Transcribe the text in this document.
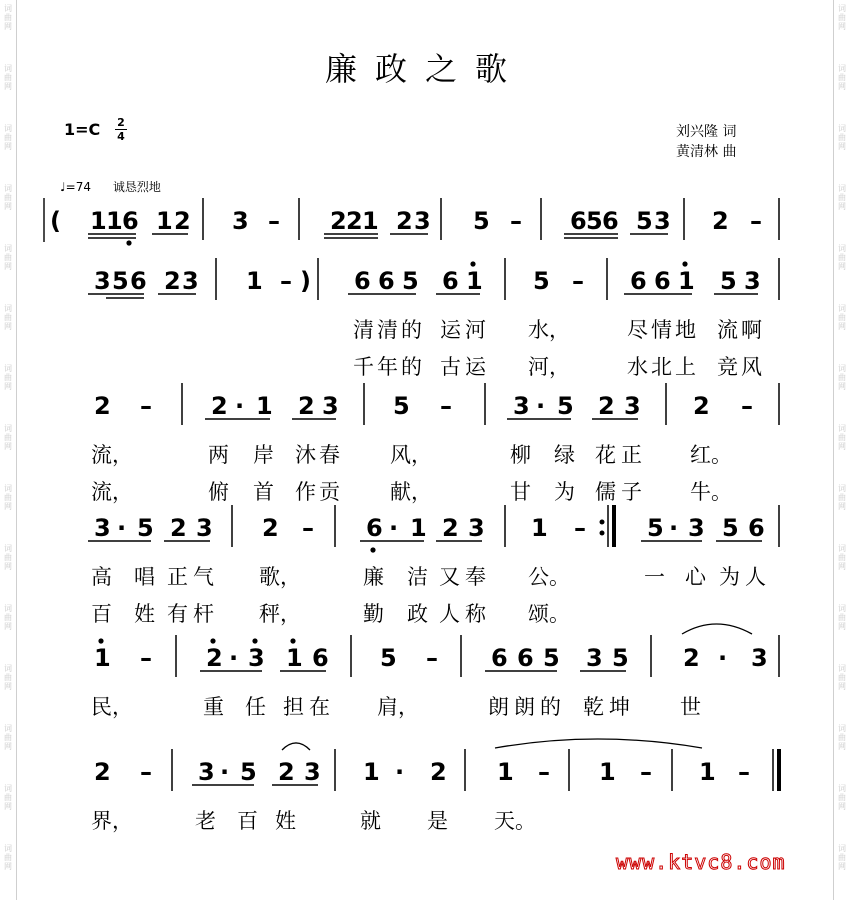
词
曲
网
词
曲
网
词
曲
网
词
曲
网
词
曲
网
词
曲
网
词
曲
网
词
曲
网
词
曲
网
词
曲
网
词
曲
网
词
曲
网
词
曲
网
词
曲
网
词
曲
网
词
曲
网
词
曲
网
词
曲
网
词
曲
网
词
曲
网
词
曲
网
词
曲
网
词
曲
网
词
曲
网
词
曲
网
词
曲
网
词
曲
网
词
曲
网
词
曲
网
词
曲
网
廉政之歌
1=C 2
4	刘兴隆 词
黄清林 曲
♩=74 诚恳烈地
( 1 1 6 1 2 3 – 2 2 1 2 3 5 – 6 5 6 5 3 2 –
3 5 6 2 3 1 – ) 6 6 5 6 1 5 – 6 6 1 5 3
清 清 的 运 河 水，	尽 情 地 流 啊
千 年 的 古 运 河，	水 北 上 竞 风
2 – 2 · 1 2 3 5 –	3 · 5 2 3 2 –
流，	两 岸 沐 春 风，	柳 绿 花 正 红。
流，	俯 首 作 贡 献，	甘 为 儒 子 牛。
3 · 5 2 3 2 – 6 · 1 2 3 1 –	5 · 3 5 6
高 唱 正 气 歌，	廉 洁 又 奉 公。	一 心 为 人
百 姓 有 杆 秤，	勤 政 人 称 颂。
1 – 2 · 3 1 6 5 – 6 6 5 3 5 2 · 3
民，	重 任 担 在 肩，	朗 朗 的 乾 坤 世
2 – 3 · 5 2 3 1 · 2 1 – 1 – 1 –
界，	老 百 姓	就 是 天。
www.ktvc8.com
